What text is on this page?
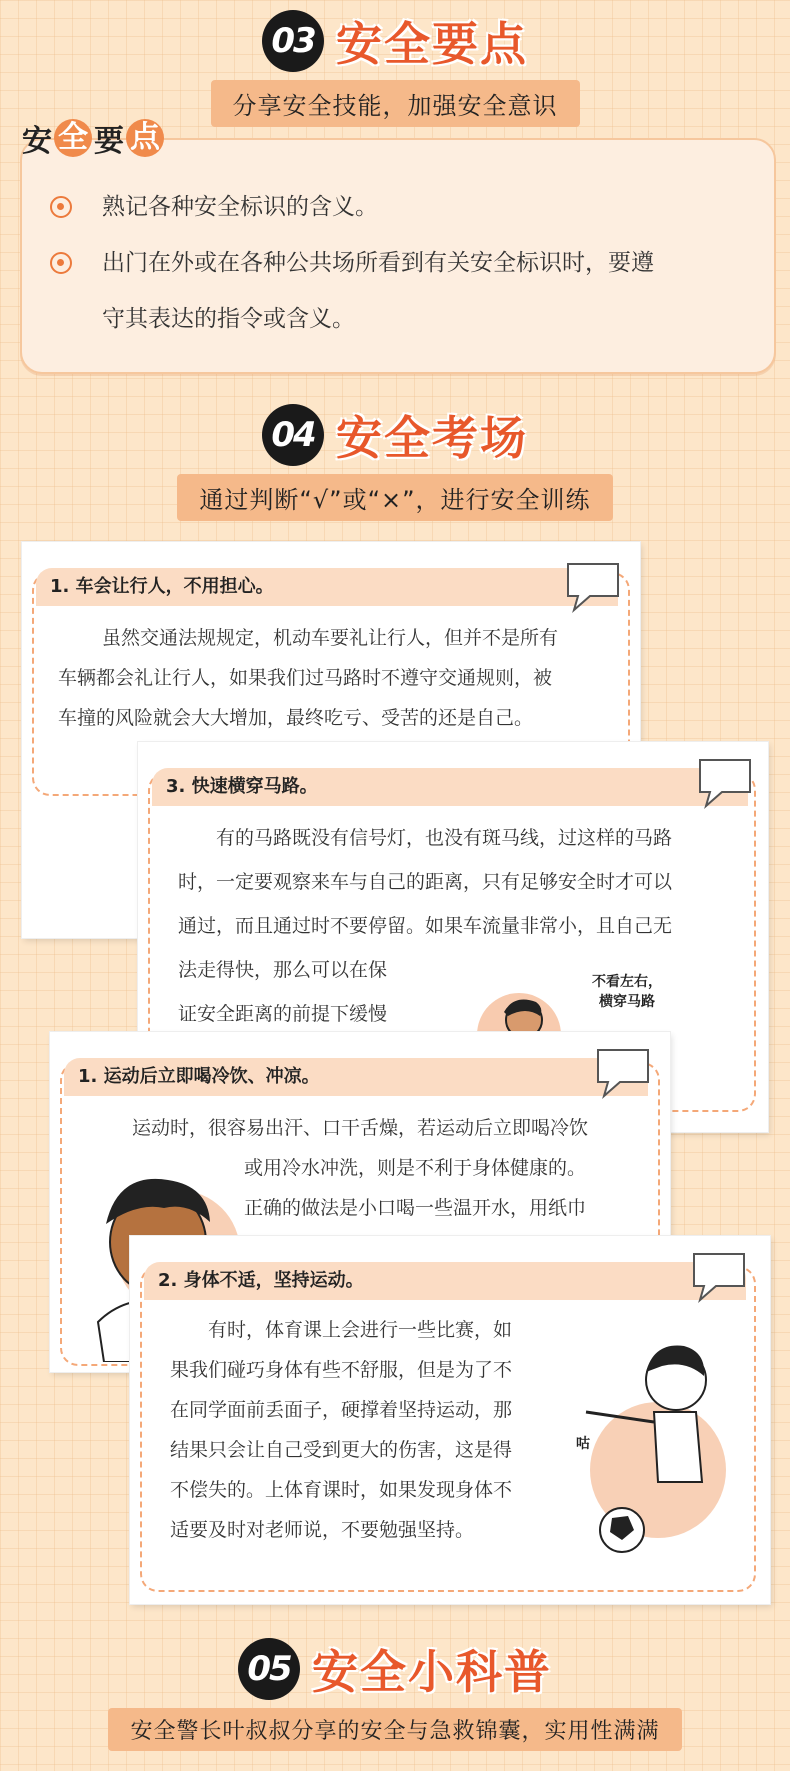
03 安全要点
分享安全技能，加强安全意识
安 全 要 点
熟记各种安全标识的含义。
出门在外或在各种公共场所看到有关安全标识时，要遵
守其表达的指令或含义。
04 安全考场
通过判断“√”或“×”，进行安全训练
1. 车会让行人，不用担心。
虽然交通法规规定，机动车要礼让行人，但并不是所有
车辆都会礼让行人，如果我们过马路时不遵守交通规则，被
车撞的风险就会大大增加，最终吃亏、受苦的还是自己。
3. 快速横穿马路。
有的马路既没有信号灯，也没有斑马线，过这样的马路
时，一定要观察来车与自己的距离，只有足够安全时才可以
通过，而且通过时不要停留。如果车流量非常小，且自己无
法走得快，那么可以在保
证安全距离的前提下缓慢
不看左右，
横穿马路
1. 运动后立即喝冷饮、冲凉。
运动时，很容易出汗、口干舌燥，若运动后立即喝冷饮
或用冷水冲洗，则是不利于身体健康的。
正确的做法是小口喝一些温开水，用纸巾
2. 身体不适，坚持运动。
有时，体育课上会进行一些比赛，如
果我们碰巧身体有些不舒服，但是为了不
在同学面前丢面子，硬撑着坚持运动，那
结果只会让自己受到更大的伤害，这是得
不偿失的。上体育课时，如果发现身体不
适要及时对老师说，不要勉强坚持。
咕
05 安全小科普
安全警长叶叔叔分享的安全与急救锦囊，实用性满满
